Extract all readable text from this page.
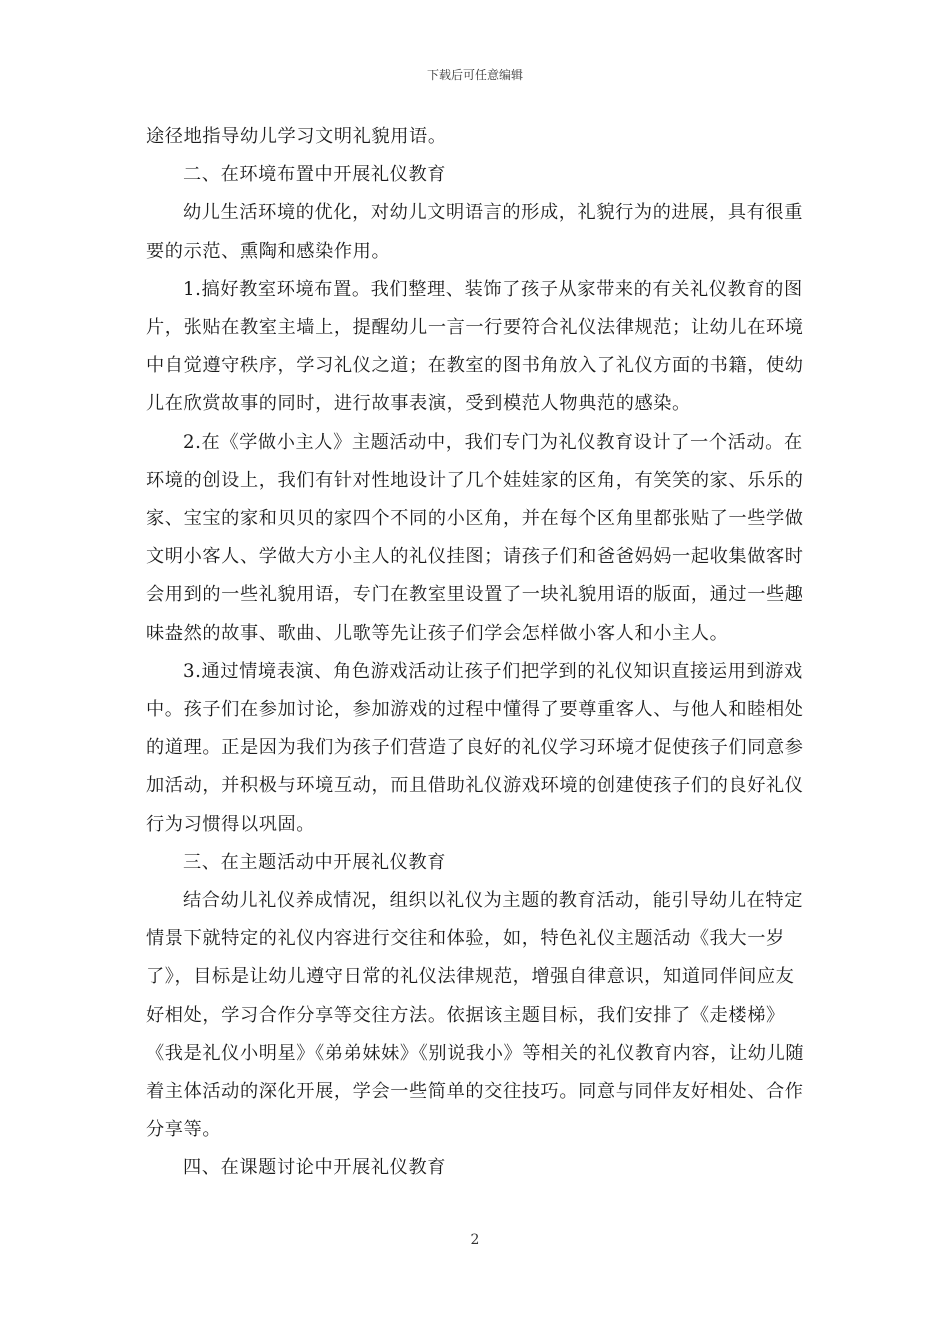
下载后可任意编辑

途径地指导幼儿学习文明礼貌用语。

二、在环境布置中开展礼仪教育

幼儿生活环境的优化，对幼儿文明语言的形成，礼貌行为的进展，具有很重要的示范、熏陶和感染作用。

1.搞好教室环境布置。我们整理、装饰了孩子从家带来的有关礼仪教育的图片，张贴在教室主墙上，提醒幼儿一言一行要符合礼仪法律规范；让幼儿在环境中自觉遵守秩序，学习礼仪之道；在教室的图书角放入了礼仪方面的书籍，使幼儿在欣赏故事的同时，进行故事表演，受到模范人物典范的感染。

2.在《学做小主人》主题活动中，我们专门为礼仪教育设计了一个活动。在环境的创设上，我们有针对性地设计了几个娃娃家的区角，有笑笑的家、乐乐的家、宝宝的家和贝贝的家四个不同的小区角，并在每个区角里都张贴了一些学做文明小客人、学做大方小主人的礼仪挂图；请孩子们和爸爸妈妈一起收集做客时会用到的一些礼貌用语，专门在教室里设置了一块礼貌用语的版面，通过一些趣味盎然的故事、歌曲、儿歌等先让孩子们学会怎样做小客人和小主人。

3.通过情境表演、角色游戏活动让孩子们把学到的礼仪知识直接运用到游戏中。孩子们在参加讨论，参加游戏的过程中懂得了要尊重客人、与他人和睦相处的道理。正是因为我们为孩子们营造了良好的礼仪学习环境才促使孩子们同意参加活动，并积极与环境互动，而且借助礼仪游戏环境的创建使孩子们的良好礼仪行为习惯得以巩固。

三、在主题活动中开展礼仪教育

结合幼儿礼仪养成情况，组织以礼仪为主题的教育活动，能引导幼儿在特定情景下就特定的礼仪内容进行交往和体验，如，特色礼仪主题活动《我大一岁了》，目标是让幼儿遵守日常的礼仪法律规范，增强自律意识，知道同伴间应友好相处，学习合作分享等交往方法。依据该主题目标，我们安排了《走楼梯》《我是礼仪小明星》《弟弟妹妹》《别说我小》等相关的礼仪教育内容，让幼儿随着主体活动的深化开展，学会一些简单的交往技巧。同意与同伴友好相处、合作分享等。

四、在课题讨论中开展礼仪教育

2
